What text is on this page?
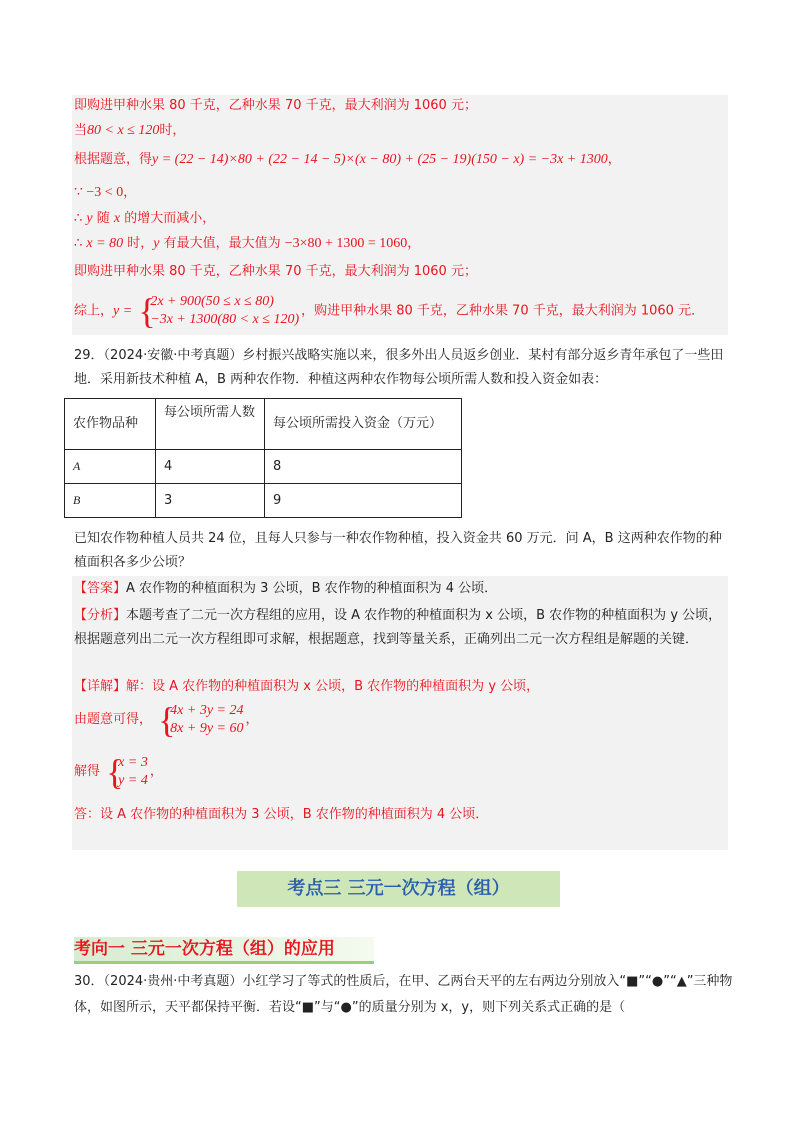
即购进甲种水果 80 千克，乙种水果 70 千克，最大利润为 1060 元；
当80 < x ≤ 120时，
根据题意，得y = (22 − 14)×80 + (22 − 14 − 5)×(x − 80) + (25 − 19)(150 − x) = −3x + 1300，
∵ −3 < 0，
∴ y 随 x 的增大而减小，
∴ x = 80 时，y 有最大值，最大值为 −3×80 + 1300 = 1060，
即购进甲种水果 80 千克，乙种水果 70 千克，最大利润为 1060 元；
综上，y = {
2x + 900(50 ≤ x ≤ 80)
−3x + 1300(80 < x ≤ 120)
，购进甲种水果 80 千克，乙种水果 70 千克，最大利润为 1060 元．
29．（2024·安徽·中考真题）乡村振兴战略实施以来，很多外出人员返乡创业．某村有部分返乡青年承包了一些田地．采用新技术种植 A，B 两种农作物．种植这两种农作物每公顷所需人数和投入资金如表：
农作物品种	每公顷所需人数	每公顷所需投入资金（万元）
A	4	8
B	3	9
已知农作物种植人员共 24 位，且每人只参与一种农作物种植，投入资金共 60 万元．问 A，B 这两种农作物的种植面积各多少公顷？
【答案】A 农作物的种植面积为 3 公顷，B 农作物的种植面积为 4 公顷．
【分析】本题考查了二元一次方程组的应用，设 A 农作物的种植面积为 x 公顷，B 农作物的种植面积为 y 公顷，根据题意列出二元一次方程组即可求解，根据题意，找到等量关系，正确列出二元一次方程组是解题的关键．
【详解】解：设 A 农作物的种植面积为 x 公顷，B 农作物的种植面积为 y 公顷，
由题意可得， {
4x + 3y = 24
8x + 9y = 60
，
解得 {
x = 3
y = 4
，
答：设 A 农作物的种植面积为 3 公顷，B 农作物的种植面积为 4 公顷．
考点三 三元一次方程（组）
考向一 三元一次方程（组）的应用
30．（2024·贵州·中考真题）小红学习了等式的性质后，在甲、乙两台天平的左右两边分别放入“■”“●”“▲”三种物体，如图所示，天平都保持平衡．若设“■”与“●”的质量分别为 x，y，则下列关系式正确的是（
